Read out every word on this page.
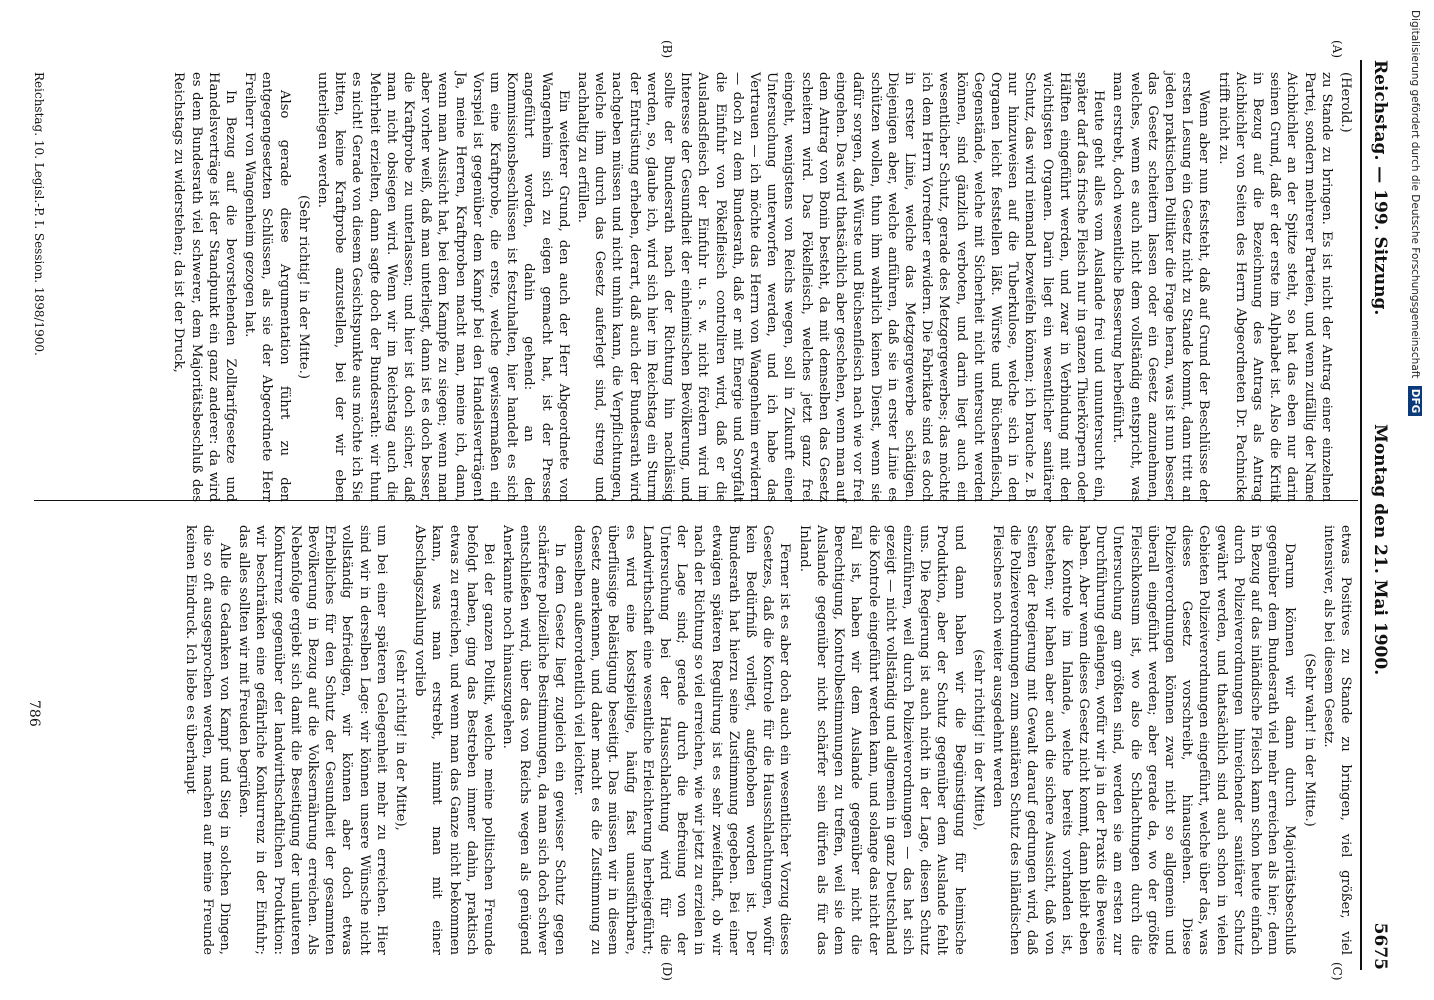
Reichstag. — 199. Sitzung.
Montag den 21. Mai 1900.
5675
(A)
(B)
(C)
(D)

(Herold.)

zu Stande zu bringen. Es ist nicht der Antrag einer einzelnen Partei, sondern mehrerer Parteien, und wenn zufällig der Name Aichbichler an der Spitze steht, so hat das eben nur darin seinen Grund, daß er der erste im Alphabet ist. Also die Kritik in Bezug auf die Bezeichnung des Antrags als Antrag Aichbichler von Seiten des Herrn Abgeordneten Dr. Pachnicke trifft nicht zu.

Wenn aber nun feststeht, daß auf Grund der Beschlüsse der ersten Lesung ein Gesetz nicht zu Stande kommt, dann tritt an jeden praktischen Politiker die Frage heran, was ist nun besser, das Gesetz scheitern lassen oder ein Gesetz anzunehmen, welches, wenn es auch nicht dem vollständig entspricht, was man erstrebt, doch wesentliche Besserung herbeiführt.

Heute geht alles vom Auslande frei und ununtersucht ein, später darf das frische Fleisch nur in ganzen Thierkörpern oder Hälften eingeführt werden, und zwar in Verbindung mit den wichtigsten Organen. Darin liegt ein wesentlicher sanitärer Schutz, das wird niemand bezweifeln können; ich brauche z. B. nur hinzuweisen auf die Tuberkulose, welche sich in den Organen leicht feststellen läßt. Würste und Büchsenfleisch, Gegenstände, welche mit Sicherheit nicht untersucht werden können, sind gänzlich verboten, und darin liegt auch ein wesentlicher Schutz, gerade des Metzgergewerbes; das möchte ich dem Herrn Vorredner erwidern. Die Fabrikate sind es doch in erster Linie, welche das Metzgergewerbe schädigen. Diejenigen aber, welche anführen, daß sie in erster Linie es schützen wollen, thun ihm wahrlich keinen Dienst, wenn sie dafür sorgen, daß Würste und Büchsenfleisch nach wie vor frei eingehen. Das wird thatsächlich aber geschehen, wenn man auf dem Antrag von Bonin besteht, da mit demselben das Gesetz scheitern wird. Das Pökelfleisch, welches jetzt ganz frei eingeht, wenigstens von Reichs wegen, soll in Zukunft einer Untersuchung unterworfen werden, und ich habe das Vertrauen — ich möchte das Herrn von Wangenheim erwidern — doch zu dem Bundesrath, daß er mit Energie und Sorgfalt die Einfuhr von Pökelfleisch controliren wird, daß er die Auslandsfleisch der Einfuhr u. s. w. nicht fördern wird im Interesse der Gesundheit der einheimischen Bevölkerung, und sollte der Bundesrath nach der Richtung hin nachlässig werden, so, glaube ich, wird sich hier im Reichstag ein Sturm der Entrüstung erheben, derart, daß auch der Bundesrath wird nachgeben müssen und nicht umhin kann, die Verpflichtungen, welche ihm durch das Gesetz auferlegt sind, streng und nachhaltig zu erfüllen.

Ein weiterer Grund, den auch der Herr Abgeordnete von Wangenheim sich zu eigen gemacht hat, ist der Presse angeführt worden, dahin gehend: an den Kommissionsbeschlüssen ist festzuhalten, hier handelt es sich um eine Kraftprobe, die erste, welche gewissermaßen ein Vorspiel ist gegenüber dem Kampf bei den Handelsverträgen! Ja, meine Herren, Kraftproben macht man, meine ich, dann, wenn man Aussicht hat, bei dem Kampfe zu siegen; wenn man aber vorher weiß, daß man unterliegt, dann ist es doch besser, die Kraftprobe zu unterlassen; und hier ist doch sicher, daß man nicht obsiegen wird. Wenn wir im Reichstag auch die Mehrheit erzielten, dann sagte doch der Bundesrath: wir thun es nicht! Gerade von diesem Gesichtspunkte aus möchte ich Sie bitten, keine Kraftprobe anzustellen, bei der wir eben unterliegen werden.

(Sehr richtig! in der Mitte.)

Also gerade diese Argumentation führt zu den entgegengesetzten Schlüssen, als sie der Abgeordnete Herr Freiherr von Wangenheim gezogen hat.

In Bezug auf die bevorstehenden Zolltarifgesetze und Handelsverträge ist der Standpunkt ein ganz anderer: da wird es dem Bundesrath viel schwerer, dem Majoritätsbeschluß des Reichstags zu widerstehen; da ist der Druck,

etwas Positives zu Stande zu bringen, viel größer, viel intensiver, als bei diesem Gesetz.

(Sehr wahr! in der Mitte.)

Darum können wir dann durch Majoritätsbeschluß gegenüber dem Bundesrath viel mehr erreichen als hier; denn in Bezug auf das inländische Fleisch kann schon heute einfach durch Polizeiverordnungen hinreichender sanitärer Schutz gewährt werden, und thatsächlich sind auch schon in vielen Gebieten Polizeiverordnungen eingeführt, welche über das, was dieses Gesetz vorschreibt, hinausgehen. Diese Polizeiverordnungen können zwar nicht so allgemein und überall eingeführt werden; aber gerade da, wo der größte Fleischkonsum ist, wo also die Schlachtungen durch die Untersuchung am größten sind, werden sie am ersten zur Durchführung gelangen, wofür wir ja in der Praxis die Beweise haben. Aber wenn dieses Gesetz nicht kommt, dann bleibt eben die Kontrole im Inlande, welche bereits vorhanden ist, bestehen; wir haben aber auch die sichere Aussicht, daß von Seiten der Regierung mit Gewalt darauf gedrungen wird, daß die Polizeiverordnungen zum sanitären Schutz des inländischen Fleisches noch weiter ausgedehnt werden

(sehr richtig! in der Mitte),

und dann haben wir die Begünstigung für heimische Produktion, aber der Schutz gegenüber dem Auslande fehlt uns. Die Regierung ist auch nicht in der Lage, diesen Schutz einzuführen, weil durch Polizeiverordnungen — das hat sich gezeigt — nicht vollständig und allgemein in ganz Deutschland die Kontrole eingeführt werden kann, und solange das nicht der Fall ist, haben wir dem Auslande gegenüber nicht die Berechtigung, Kontrolbestimmungen zu treffen, weil sie dem Auslande gegenüber nicht schärfer sein dürfen als für das Inland.

Ferner ist es aber doch auch ein wesentlicher Vorzug dieses Gesetzes, daß die Kontrole für die Hausschlachtungen, wofür kein Bedürfniß vorliegt, aufgehoben worden ist. Der Bundesrath hat hierzu seine Zustimmung gegeben. Bei einer etwaigen späteren Regulirung ist es sehr zweifelhaft, ob wir nach der Richtung so viel erreichen, wie wir jetzt zu erzielen in der Lage sind; gerade durch die Befreiung von der Untersuchung bei der Hausschlachtung wird für die Landwirthschaft eine wesentliche Erleichterung herbeigeführt; es wird eine kostspielige, häufig fast unausführbare, überflüssige Belästigung beseitigt. Das müssen wir in diesem Gesetz anerkennen, und daher macht es die Zustimmung zu demselben außerordentlich viel leichter.

In dem Gesetz liegt zugleich ein gewisser Schutz gegen schärfere polizeiliche Bestimmungen, da man sich doch schwer entschließen wird, über das von Reichs wegen als genügend Anerkannte noch hinauszugehen.

Bei der ganzen Politik, welche meine politischen Freunde befolgt haben, ging das Bestreben immer dahin, praktisch etwas zu erreichen, und wenn man das Ganze nicht bekommen kann, was man erstrebt, nimmt man mit einer Abschlagszahlung vorlieb

(sehr richtig! in der Mitte),

um bei einer späteren Gelegenheit mehr zu erreichen. Hier sind wir in derselben Lage: wir können unsere Wünsche nicht vollständig befriedigen, wir können aber doch etwas Erhebliches für den Schutz der Gesundheit der gesammten Bevölkerung in Bezug auf die Volksernährung erreichen. Als Nebenfolge ergiebt sich damit die Beseitigung der unlauteren Konkurrenz gegenüber der landwirthschaftlichen Produktion: wir beschränken eine gefährliche Konkurrenz in der Einfuhr; das alles sollten wir mit Freuden begrüßen.

Alle die Gedanken von Kampf und Sieg in solchen Dingen, die so oft ausgesprochen werden, machen auf meine Freunde keinen Eindruck. Ich liebe es überhaupt

Reichstag. 10. Legisl.-P. I. Session. 1898/1900.
786
Digitalisierung gefördert durch die Deutsche Forschungsgemeinschaft DFG
